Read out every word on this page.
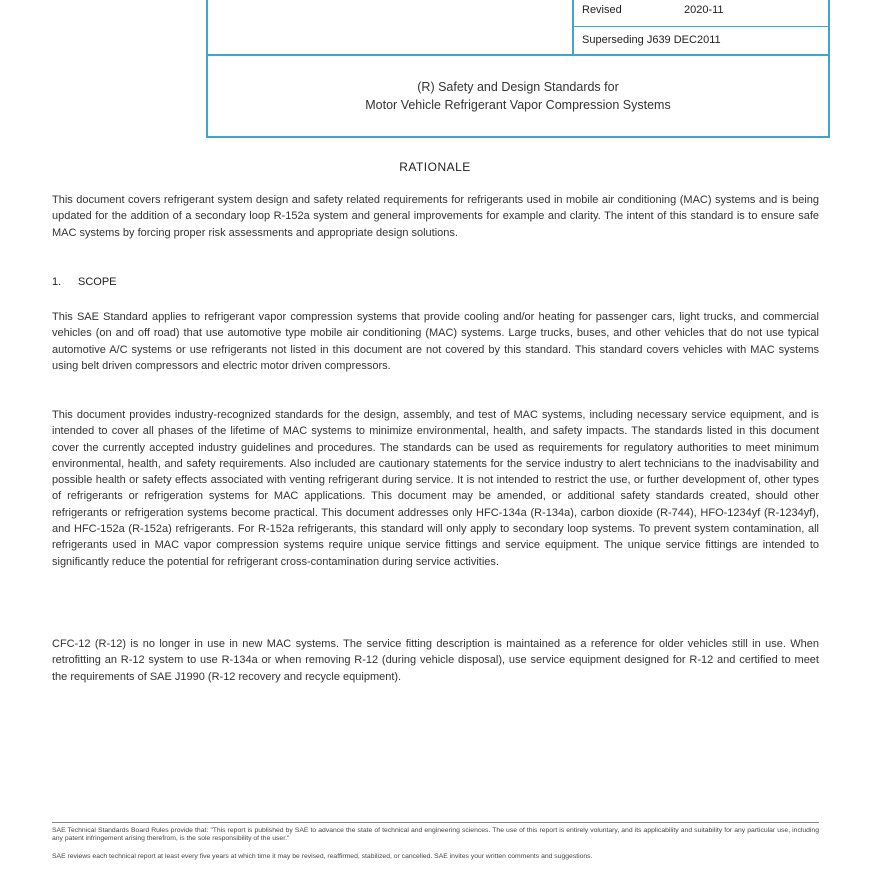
Revised	2020-11
Superseding J639 DEC2011
(R) Safety and Design Standards for
Motor Vehicle Refrigerant Vapor Compression Systems
RATIONALE

This document covers refrigerant system design and safety related requirements for refrigerants used in mobile air conditioning (MAC) systems and is being updated for the addition of a secondary loop R-152a system and general improvements for example and clarity. The intent of this standard is to ensure safe MAC systems by forcing proper risk assessments and appropriate design solutions.

1. SCOPE

This SAE Standard applies to refrigerant vapor compression systems that provide cooling and/or heating for passenger cars, light trucks, and commercial vehicles (on and off road) that use automotive type mobile air conditioning (MAC) systems. Large trucks, buses, and other vehicles that do not use typical automotive A/C systems or use refrigerants not listed in this document are not covered by this standard. This standard covers vehicles with MAC systems using belt driven compressors and electric motor driven compressors.

This document provides industry-recognized standards for the design, assembly, and test of MAC systems, including necessary service equipment, and is intended to cover all phases of the lifetime of MAC systems to minimize environmental, health, and safety impacts. The standards listed in this document cover the currently accepted industry guidelines and procedures. The standards can be used as requirements for regulatory authorities to meet minimum environmental, health, and safety requirements. Also included are cautionary statements for the service industry to alert technicians to the inadvisability and possible health or safety effects associated with venting refrigerant during service. It is not intended to restrict the use, or further development of, other types of refrigerants or refrigeration systems for MAC applications. This document may be amended, or additional safety standards created, should other refrigerants or refrigeration systems become practical. This document addresses only HFC-134a (R-134a), carbon dioxide (R-744), HFO-1234yf (R-1234yf), and HFC-152a (R-152a) refrigerants. For R-152a refrigerants, this standard will only apply to secondary loop systems. To prevent system contamination, all refrigerants used in MAC vapor compression systems require unique service fittings and service equipment. The unique service fittings are intended to significantly reduce the potential for refrigerant cross-contamination during service activities.

CFC-12 (R-12) is no longer in use in new MAC systems. The service fitting description is maintained as a reference for older vehicles still in use. When retrofitting an R-12 system to use R-134a or when removing R-12 (during vehicle disposal), use service equipment designed for R-12 and certified to meet the requirements of SAE J1990 (R-12 recovery and recycle equipment).

SAE Technical Standards Board Rules provide that: "This report is published by SAE to advance the state of technical and engineering sciences. The use of this report is entirely voluntary, and its applicability and suitability for any particular use, including any patent infringement arising therefrom, is the sole responsibility of the user."

SAE reviews each technical report at least every five years at which time it may be revised, reaffirmed, stabilized, or cancelled. SAE invites your written comments and suggestions.
